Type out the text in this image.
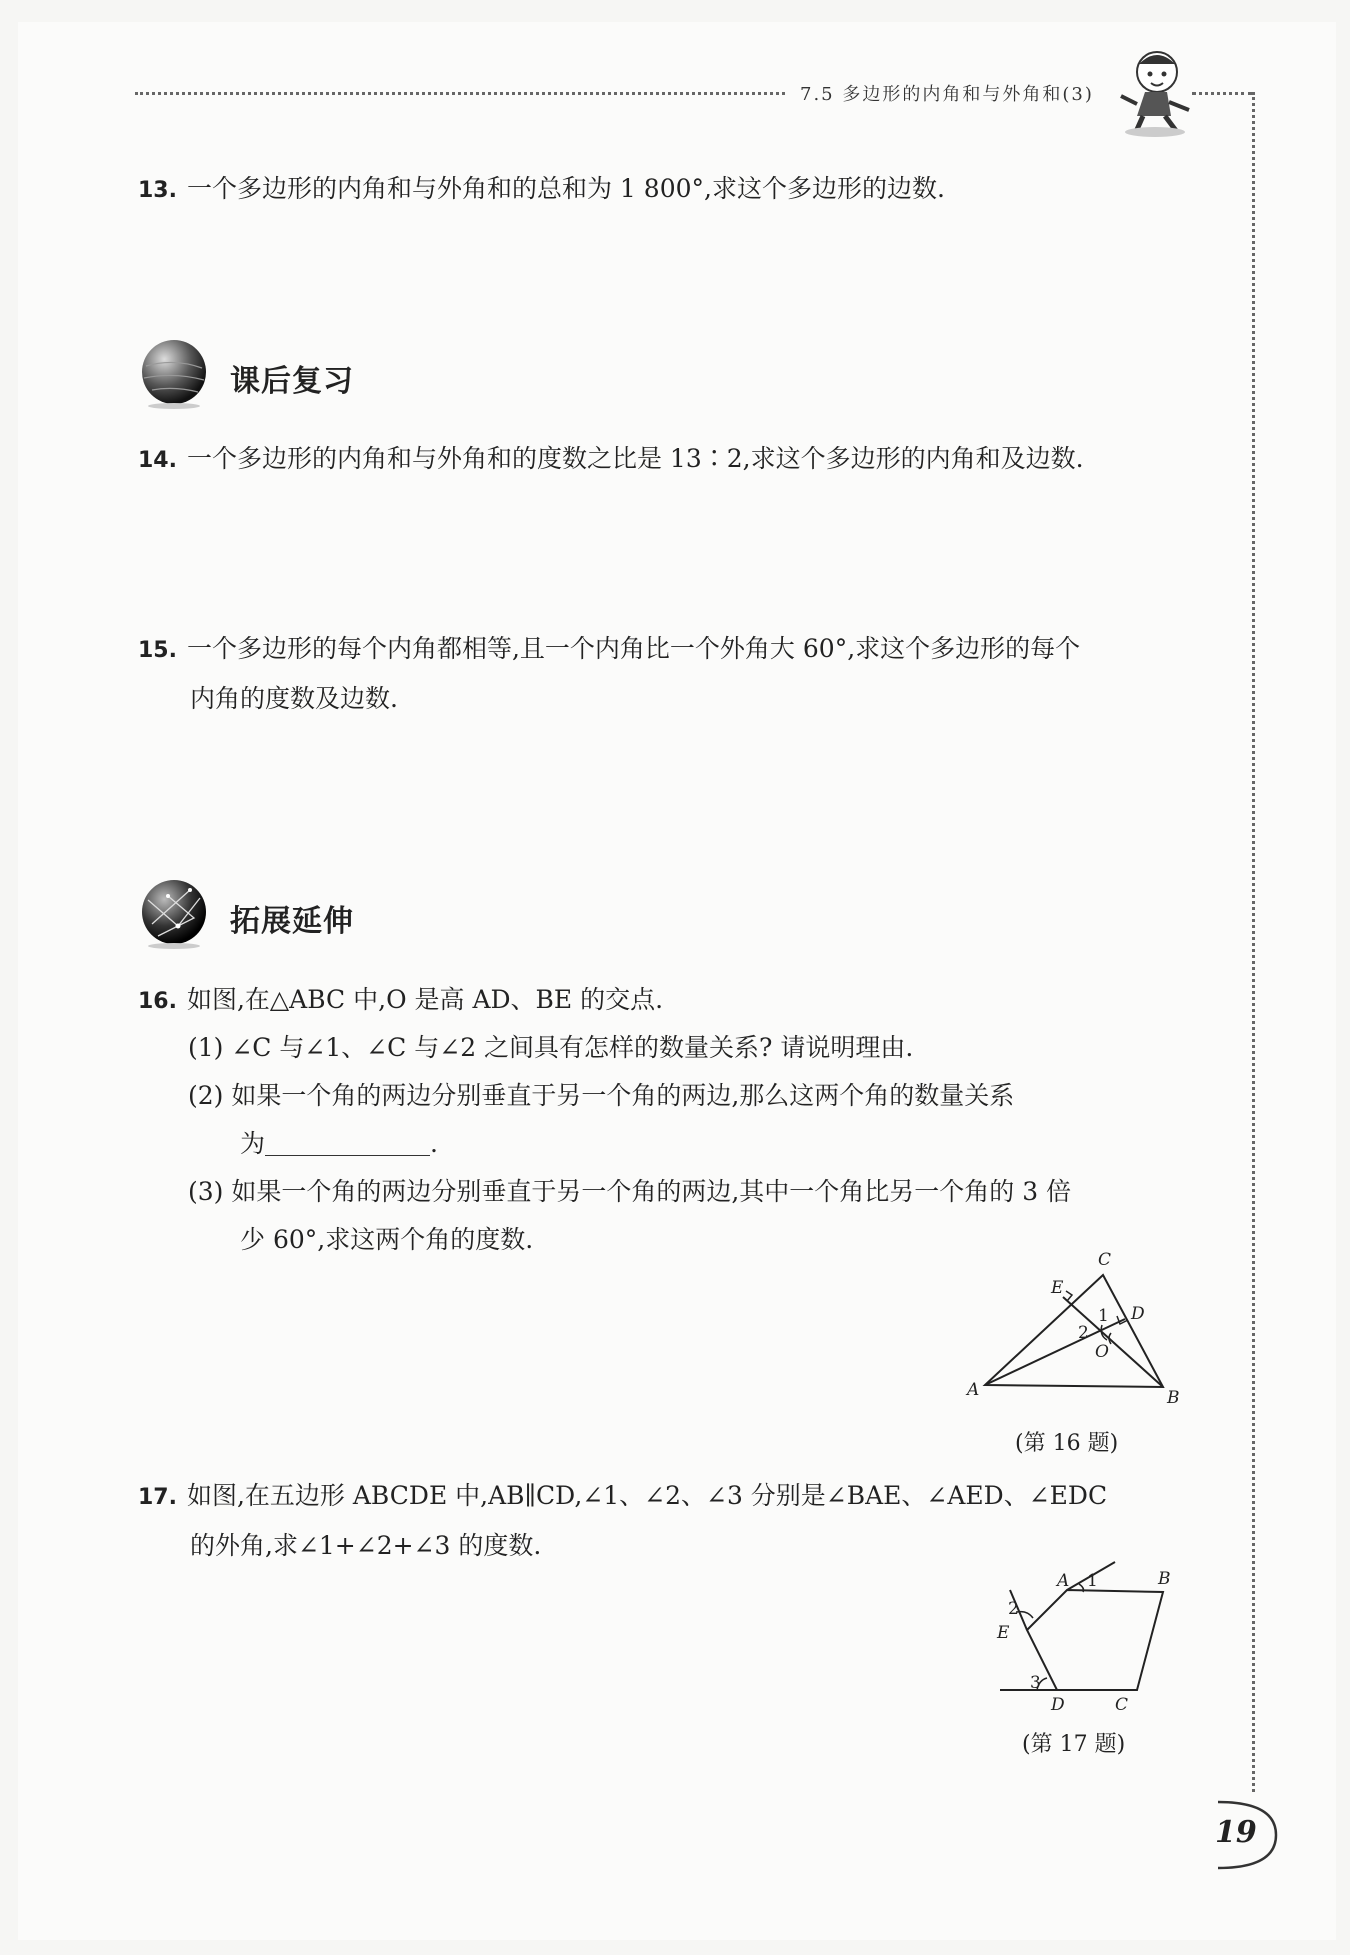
7.5 多边形的内角和与外角和(3)
19
13. 一个多边形的内角和与外角和的总和为 1 800°,求这个多边形的边数.
课后复习
14. 一个多边形的内角和与外角和的度数之比是 13∶2,求这个多边形的内角和及边数.
15. 一个多边形的每个内角都相等,且一个内角比一个外角大 60°,求这个多边形的每个
内角的度数及边数.
拓展延伸
16. 如图,在△ABC 中,O 是高 AD、BE 的交点.
(1) ∠C 与∠1、∠C 与∠2 之间具有怎样的数量关系? 请说明理由.
(2) 如果一个角的两边分别垂直于另一个角的两边,那么这两个角的数量关系
为	.
(3) 如果一个角的两边分别垂直于另一个角的两边,其中一个角比另一个角的 3 倍
少 60°,求这两个角的度数.
A	B
C
D
E
O
1
2
(第 16 题)
17. 如图,在五边形 ABCDE 中,AB∥CD,∠1、∠2、∠3 分别是∠BAE、∠AED、∠EDC
的外角,求∠1+∠2+∠3 的度数.
A	B
C
D
E
1
2
3
(第 17 题)
